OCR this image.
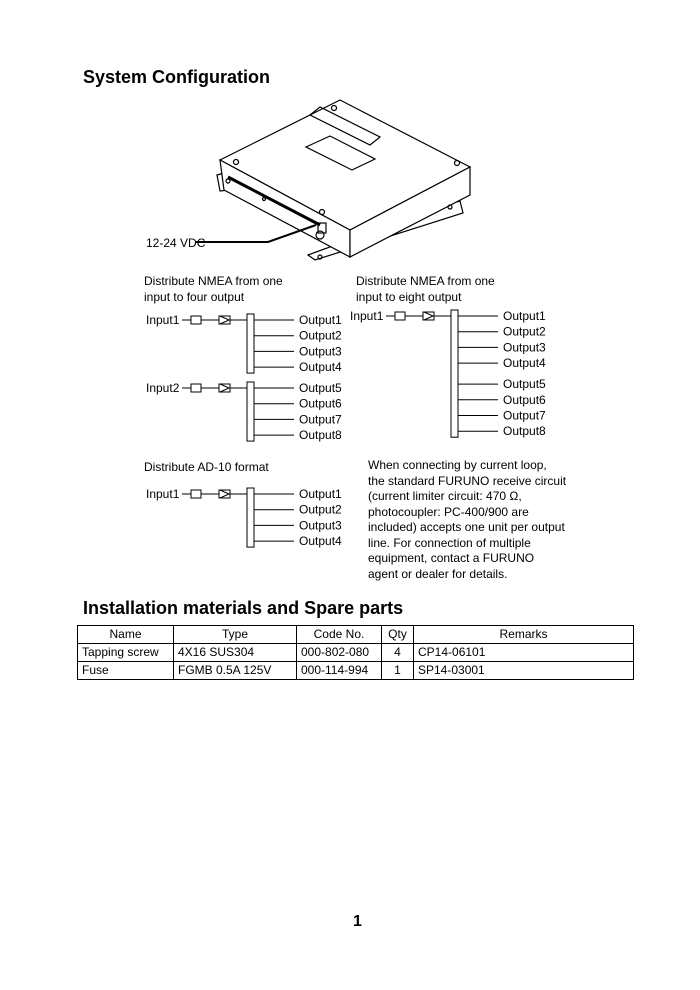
System Configuration
12-24 VDC
Distribute NMEA from one
input to four output
Input1	Output1
Output2
Output3
Output4
Input2	Output5
Output6
Output7
Output8
Distribute NMEA from one
input to eight output
Input1	Output1
Output2
Output3
Output4
Output5
Output6
Output7
Output8
Distribute AD-10 format
Input1	Output1
Output2
Output3
Output4
When connecting by current loop,
the standard FURUNO receive circuit
(current limiter circuit: 470 Ω,
photocoupler: PC-400/900 are
included) accepts one unit per output
line. For connection of multiple
equipment, contact a FURUNO
agent or dealer for details.
Installation materials and Spare parts
Name	Type	Code No.	Qty	Remarks
Tapping screw	4X16 SUS304	000-802-080	4	CP14-06101
Fuse	FGMB 0.5A 125V	000-114-994	1	SP14-03001
1
